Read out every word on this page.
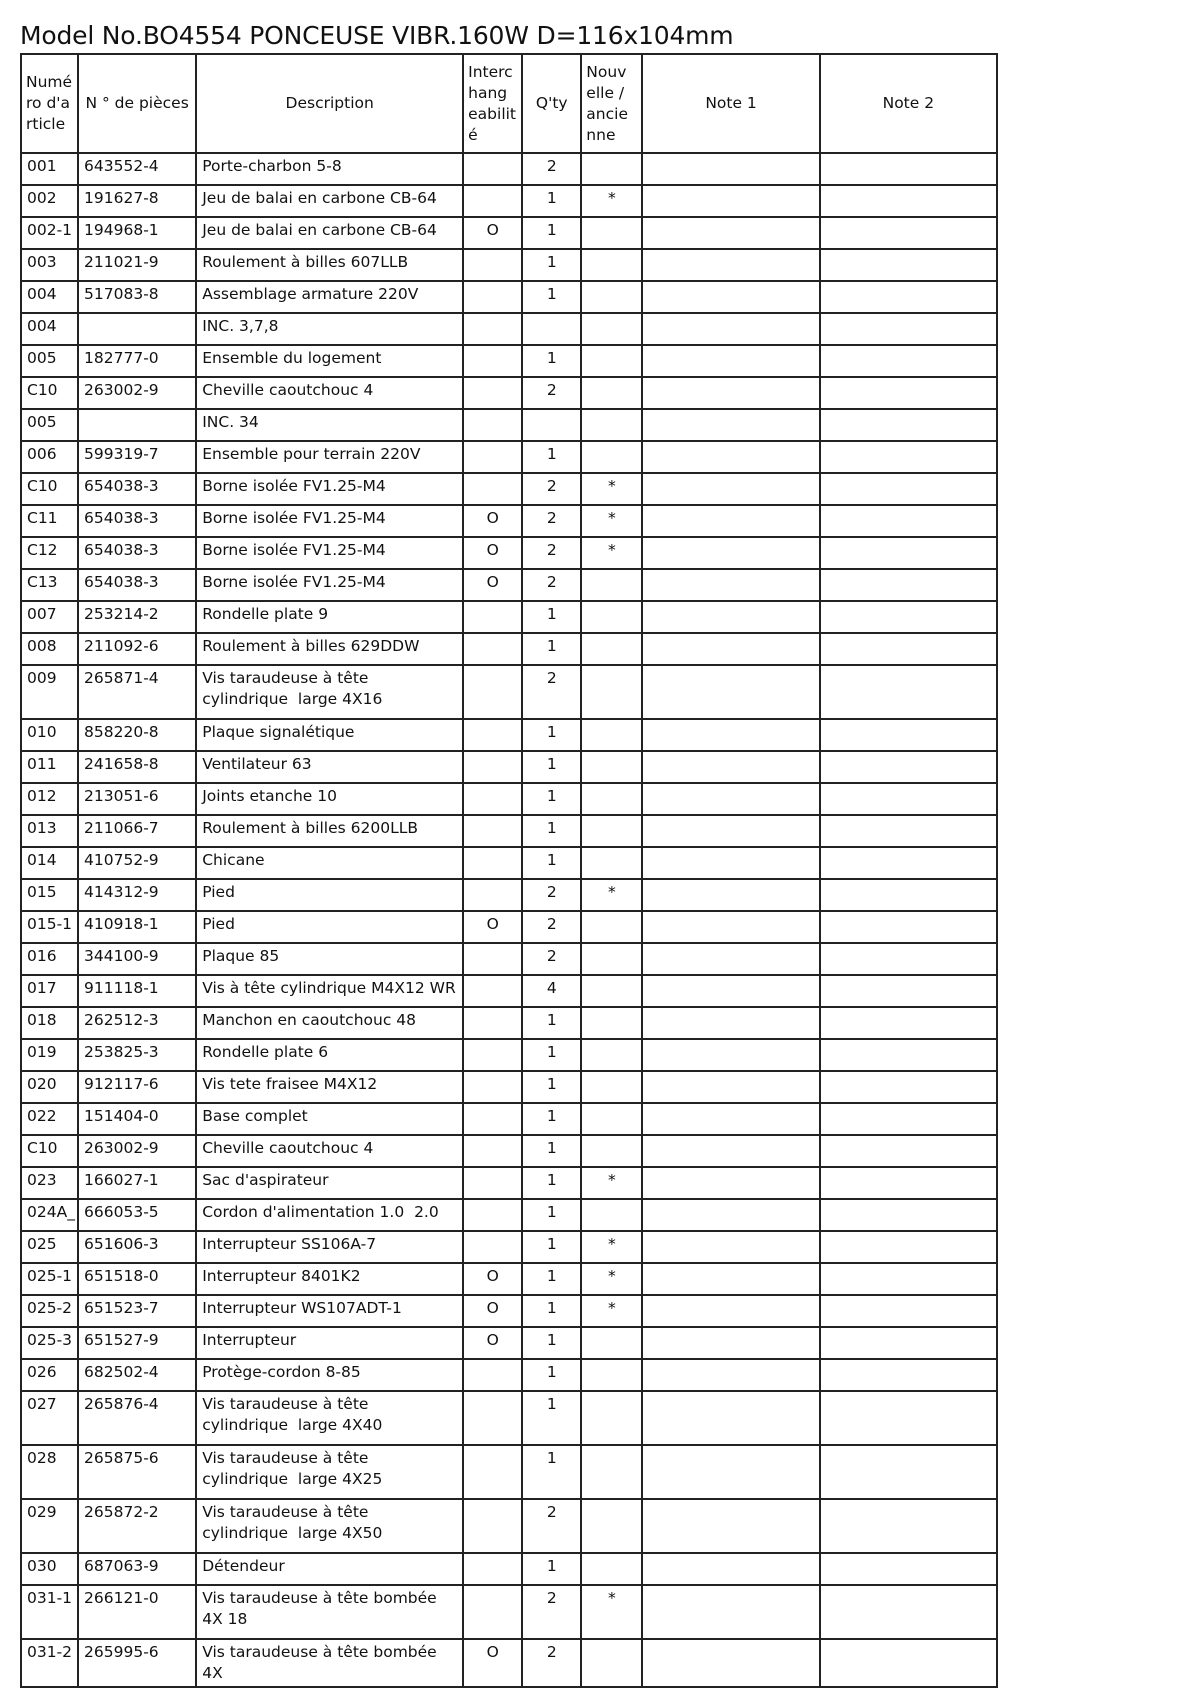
Model No.BO4554 PONCEUSE VIBR.160W D=116x104mm
Numé ro d'a rticle	N ° de pièces	Description	Interc hang eabilit é	Q'ty	Nouv elle / ancie nne	Note 1	Note 2
001	643552-4	Porte-charbon 5-8		2			
002	191627-8	Jeu de balai en carbone CB-64		1	*		
002-1	194968-1	Jeu de balai en carbone CB-64	O	1			
003	211021-9	Roulement à billes 607LLB		1			
004	517083-8	Assemblage armature 220V		1			
004		INC. 3,7,8					
005	182777-0	Ensemble du logement		1			
C10	263002-9	Cheville caoutchouc 4		2			
005		INC. 34					
006	599319-7	Ensemble pour terrain 220V		1			
C10	654038-3	Borne isolée FV1.25-M4		2	*		
C11	654038-3	Borne isolée FV1.25-M4	O	2	*		
C12	654038-3	Borne isolée FV1.25-M4	O	2	*		
C13	654038-3	Borne isolée FV1.25-M4	O	2			
007	253214-2	Rondelle plate 9		1			
008	211092-6	Roulement à billes 629DDW		1			
009	265871-4	Vis taraudeuse à tête cylindrique  large 4X16		2			
010	858220-8	Plaque signalétique		1			
011	241658-8	Ventilateur 63		1			
012	213051-6	Joints etanche 10		1			
013	211066-7	Roulement à billes 6200LLB		1			
014	410752-9	Chicane		1			
015	414312-9	Pied		2	*		
015-1	410918-1	Pied	O	2			
016	344100-9	Plaque 85		2			
017	911118-1	Vis à tête cylindrique M4X12 WR		4			
018	262512-3	Manchon en caoutchouc 48		1			
019	253825-3	Rondelle plate 6		1			
020	912117-6	Vis tete fraisee M4X12		1			
022	151404-0	Base complet		1			
C10	263002-9	Cheville caoutchouc 4		1			
023	166027-1	Sac d'aspirateur		1	*		
024A_	666053-5	Cordon d'alimentation 1.0  2.0		1			
025	651606-3	Interrupteur SS106A-7		1	*		
025-1	651518-0	Interrupteur 8401K2	O	1	*		
025-2	651523-7	Interrupteur WS107ADT-1	O	1	*		
025-3	651527-9	Interrupteur	O	1			
026	682502-4	Protège-cordon 8-85		1			
027	265876-4	Vis taraudeuse à tête cylindrique  large 4X40		1			
028	265875-6	Vis taraudeuse à tête cylindrique  large 4X25		1			
029	265872-2	Vis taraudeuse à tête cylindrique  large 4X50		2			
030	687063-9	Détendeur		1			
031-1	266121-0	Vis taraudeuse à tête bombée 4X 18		2	*		
031-2	265995-6	Vis taraudeuse à tête bombée 4X	O	2			
